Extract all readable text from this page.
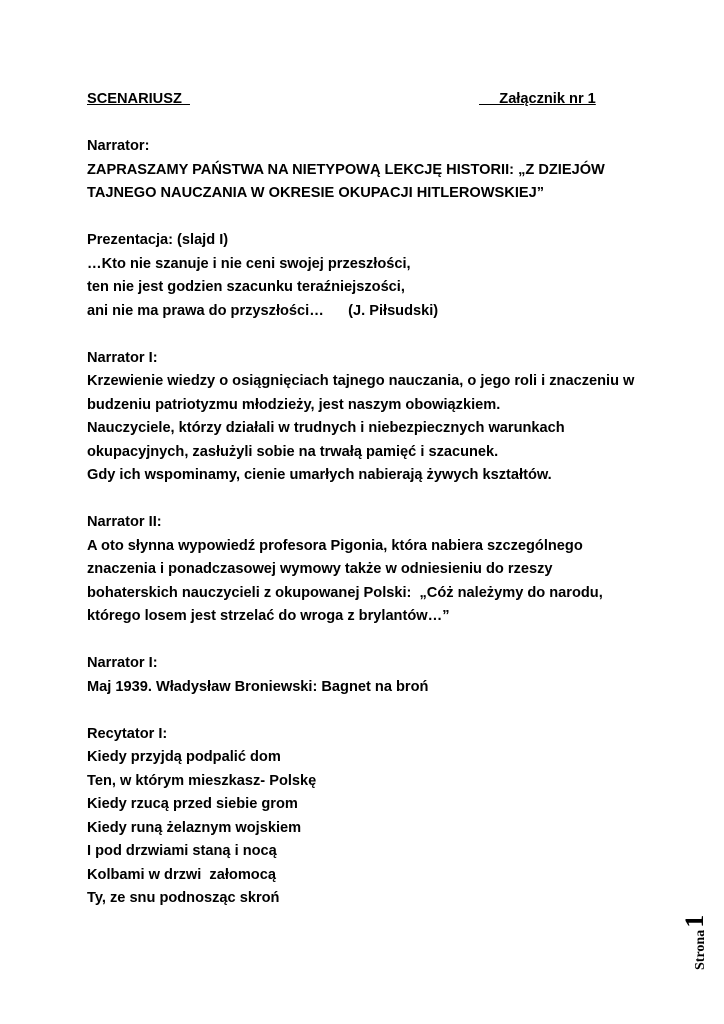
SCENARIUSZ	Załącznik nr 1
Narrator:
ZAPRASZAMY PAŃSTWA NA NIETYPOWĄ LEKCJĘ HISTORII: „Z DZIEJÓW
TAJNEGO NAUCZANIA W OKRESIE OKUPACJI HITLEROWSKIEJ”
Prezentacja: (slajd I)
…Kto nie szanuje i nie ceni swojej przeszłości,
ten nie jest godzien szacunku teraźniejszości,
ani nie ma prawa do przyszłości…      (J. Piłsudski)
Narrator I:
Krzewienie wiedzy o osiągnięciach tajnego nauczania, o jego roli i znaczeniu w
budzeniu patriotyzmu młodzieży, jest naszym obowiązkiem.
Nauczyciele, którzy działali w trudnych i niebezpiecznych warunkach
okupacyjnych, zasłużyli sobie na trwałą pamięć i szacunek.
Gdy ich wspominamy, cienie umarłych nabierają żywych kształtów.
Narrator II:
A oto słynna wypowiedź profesora Pigonia, która nabiera szczególnego
znaczenia i ponadczasowej wymowy także w odniesieniu do rzeszy
bohaterskich nauczycieli z okupowanej Polski:  „Cóż należymy do narodu,
którego losem jest strzelać do wroga z brylantów…”
Narrator I:
Maj 1939. Władysław Broniewski: Bagnet na broń
Recytator I:
Kiedy przyjdą podpalić dom
Ten, w którym mieszkasz- Polskę
Kiedy rzucą przed siebie grom
Kiedy runą żelaznym wojskiem
I pod drzwiami staną i nocą
Kolbami w drzwi  załomocą
Ty, ze snu podnosząc skroń
Strona
1
